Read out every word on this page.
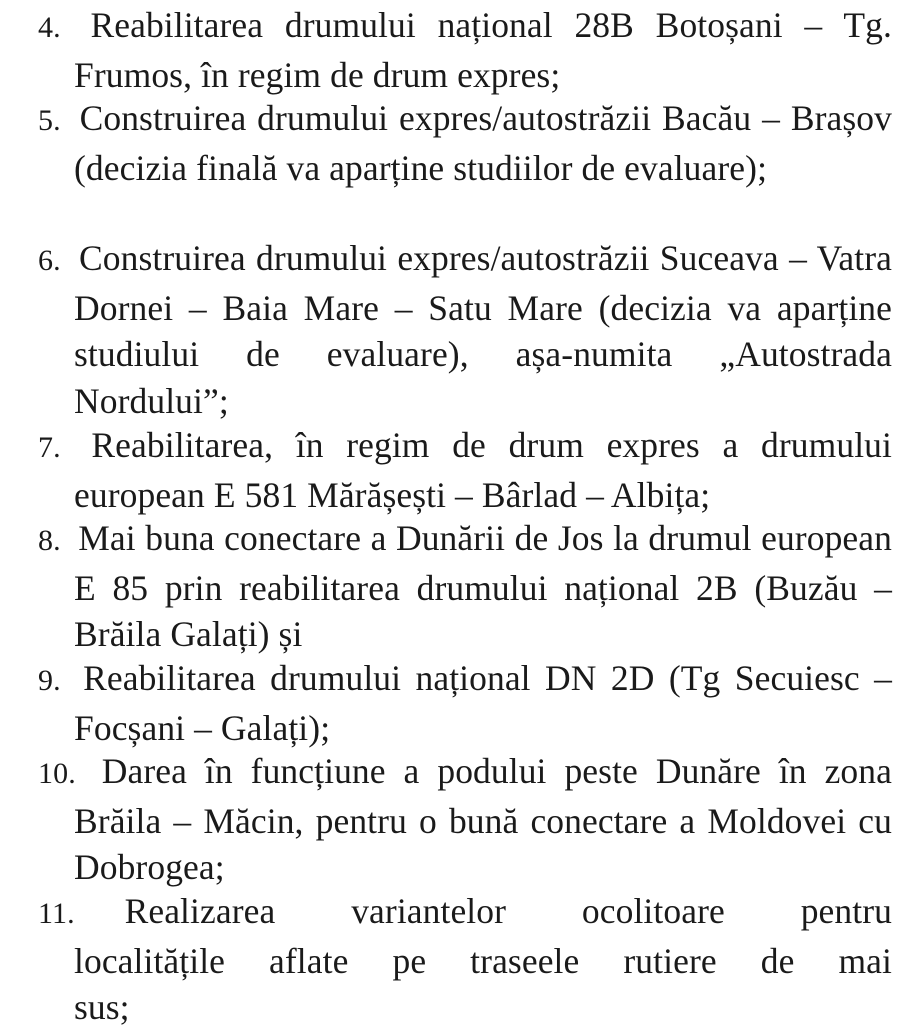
4. Reabilitarea drumului național 28B Botoșani – Tg. Frumos, în regim de drum expres;
5. Construirea drumului expres/autostrăzii Bacău – Brașov (decizia finală va aparține studiilor de evaluare);
6. Construirea drumului expres/autostrăzii Suceava – Vatra Dornei – Baia Mare – Satu Mare (decizia va aparține studiului de evaluare), așa-numita „Autostrada Nordului”;
7. Reabilitarea, în regim de drum expres a drumului european E 581 Mărășești – Bârlad – Albița;
8. Mai buna conectare a Dunării de Jos la drumul european E 85 prin reabilitarea drumului național 2B (Buzău – Brăila Galați) și
9. Reabilitarea drumului național DN 2D (Tg Secuiesc – Focșani – Galați);
10. Darea în funcțiune a podului peste Dunăre în zona Brăila – Măcin, pentru o bună conectare a Moldovei cu Dobrogea;
11. Realizarea variantelor ocolitoare pentru localitățile aflate pe traseele rutiere de mai sus;
